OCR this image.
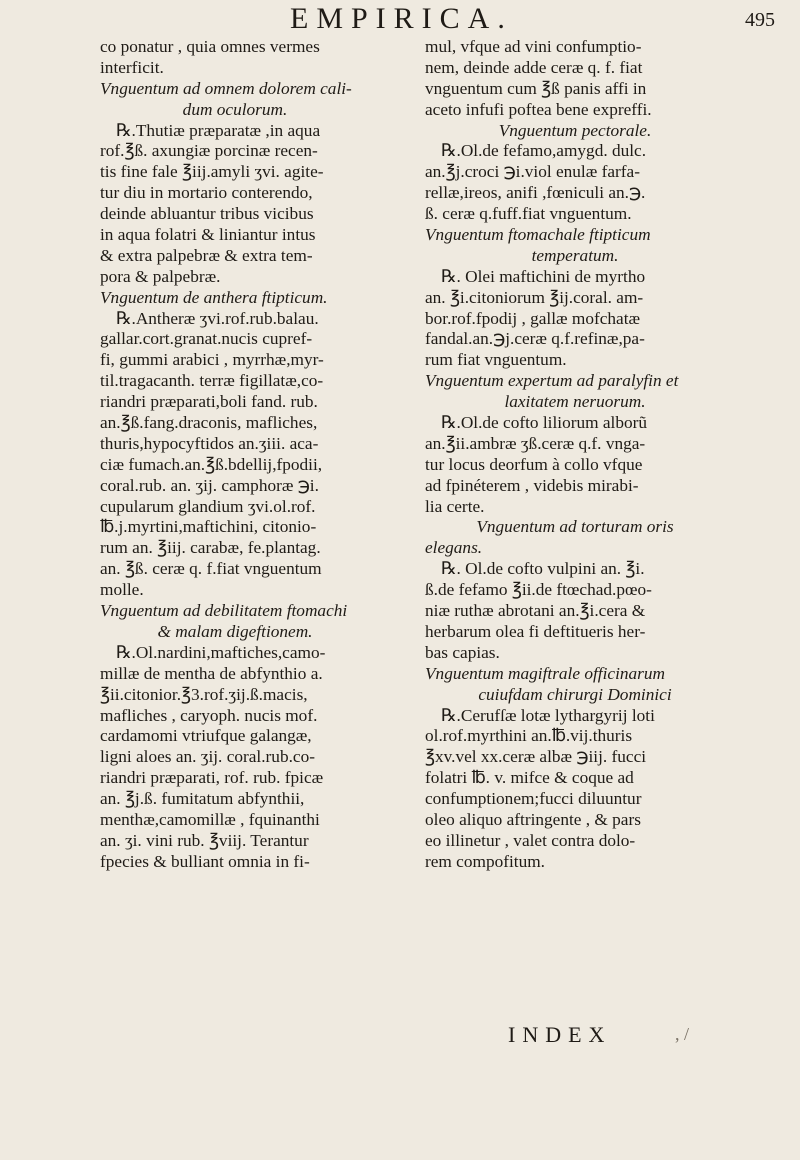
EMPIRICA.	495
co ponatur , quia omnes vermes
interficit.
Vnguentum ad omnem dolorem cali-
dum oculorum.
℞.Thutiæ præparatæ ,in aqua
rof.℥ß. axungiæ porcinæ recen-
tis fine fale ℥iij.amyli ʒvi. agite-
tur diu in mortario conterendo,
deinde abluantur tribus vicibus
in aqua folatri & liniantur intus
& extra palpebræ & extra tem-
pora & palpebræ.
Vnguentum de anthera ftipticum.
℞.Antheræ ʒvi.rof.rub.balau.
gallar.cort.granat.nucis cupref-
fi, gummi arabici , myrrhæ,myr-
til.tragacanth. terræ figillatæ,co-
riandri præparati,boli fand. rub.
an.℥ß.fang.draconis, mafliches,
thuris,hypocyftidos an.ʒiii. aca-
ciæ fumach.an.℥ß.bdellij,fpodii,
coral.rub. an. ʒij. camphoræ ℈i.
cupularum glandium ʒvi.ol.rof.
℔.j.myrtini,maftichini, citonio-
rum an. ℥iij. carabæ, fe.plantag.
an. ℥ß. ceræ q. f.fiat vnguentum
molle.
Vnguentum ad debilitatem ftomachi
& malam digeftionem.
℞.Ol.nardini,maftiches,camo-
millæ de mentha de abfynthio a.
℥ii.citonior.℥3.rof.ʒij.ß.macis,
mafliches , caryoph. nucis mof.
cardamomi vtriufque galangæ,
ligni aloes an. ʒij. coral.rub.co-
riandri præparati, rof. rub. fpicæ
an. ℥j.ß. fumitatum abfynthii,
menthæ,camomillæ , fquinanthi
an. ʒi. vini rub. ℥viij. Terantur
fpecies & bulliant omnia in fi-
mul, vfque ad vini confumptio-
nem, deinde adde ceræ q. f. fiat
vnguentum cum ℥ß panis affi in
aceto infufi poftea bene expreffi.
Vnguentum pectorale.
℞.Ol.de fefamo,amygd. dulc.
an.℥j.croci ℈i.viol enulæ farfa-
rellæ,ireos, anifi ,fœniculi an.℈.
ß. ceræ q.fuff.fiat vnguentum.
Vnguentum ftomachale ftipticum
temperatum.
℞. Olei maftichini de myrtho
an. ℥i.citoniorum ℥ij.coral. am-
bor.rof.fpodij , gallæ mofchatæ
fandal.an.℈j.ceræ q.f.refinæ,pa-
rum fiat vnguentum.
Vnguentum expertum ad paralyfin et
laxitatem neruorum.
℞.Ol.de cofto liliorum alborũ
an.℥ii.ambræ ʒß.ceræ q.f. vnga-
tur locus deorfum à collo vfque
ad fpinéterem , videbis mirabi-
lia certe.
Vnguentum ad torturam oris
elegans.
℞. Ol.de cofto vulpini an. ℥i.
ß.de fefamo ℥ii.de ftœchad.pœo-
niæ ruthæ abrotani an.℥i.cera &
herbarum olea fi deftitueris her-
bas capias.
Vnguentum magiftrale officinarum
cuiufdam chirurgi Dominici
℞.Cerufſæ lotæ lythargyrij loti
ol.rof.myrthini an.℔.vij.thuris
℥xv.vel xx.ceræ albæ ℈iij. fucci
folatri ℔. v. mifce & coque ad
confumptionem;fucci diluuntur
oleo aliquo aftringente , & pars
eo illinetur , valet contra dolo-
rem compofitum.
INDEX	, /
